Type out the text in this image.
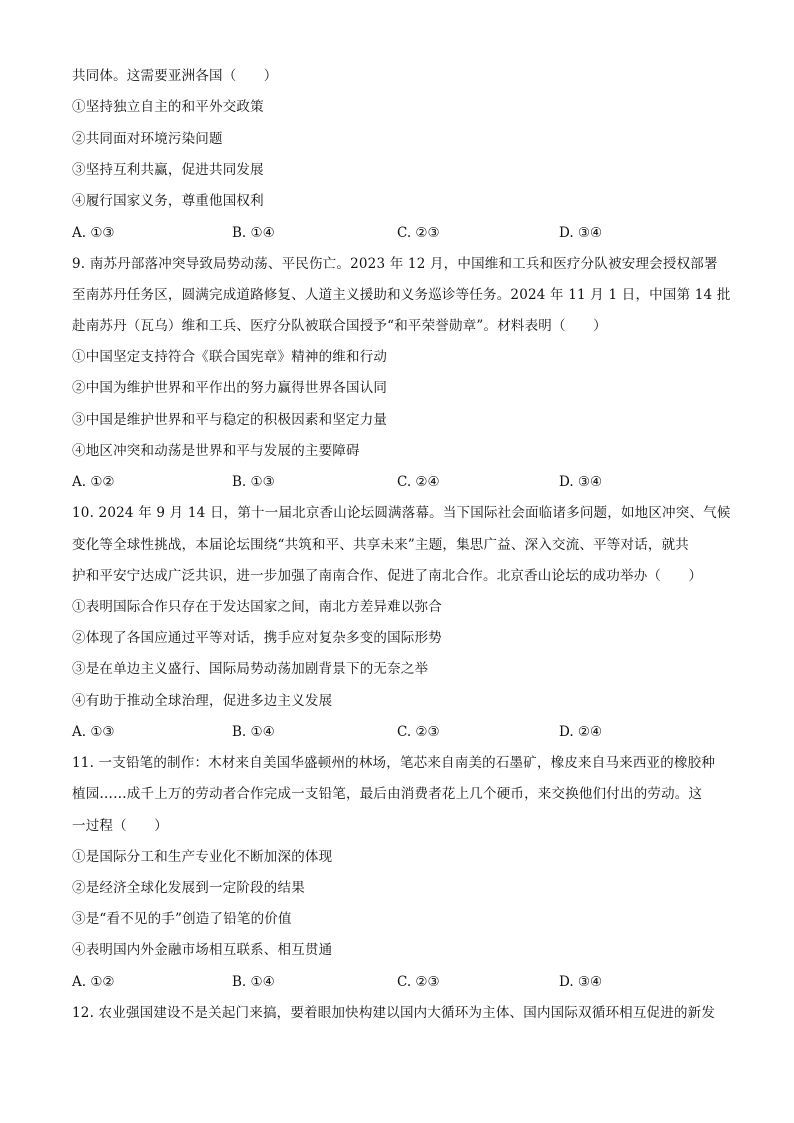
共同体。这需要亚洲各国（　　）
①坚持独立自主的和平外交政策
②共同面对环境污染问题
③坚持互利共赢，促进共同发展
④履行国家义务，尊重他国权利
A. ①③	B. ①④	C. ②③	D. ③④
9. 南苏丹部落冲突导致局势动荡、平民伤亡。2023 年 12 月，中国维和工兵和医疗分队被安理会授权部署
至南苏丹任务区，圆满完成道路修复、人道主义援助和义务巡诊等任务。2024 年 11 月 1 日，中国第 14 批
赴南苏丹（瓦乌）维和工兵、医疗分队被联合国授予“和平荣誉勋章”。材料表明（　　）
①中国坚定支持符合《联合国宪章》精神的维和行动
②中国为维护世界和平作出的努力赢得世界各国认同
③中国是维护世界和平与稳定的积极因素和坚定力量
④地区冲突和动荡是世界和平与发展的主要障碍
A. ①②	B. ①③	C. ②④	D. ③④
10. 2024 年 9 月 14 日，第十一届北京香山论坛圆满落幕。当下国际社会面临诸多问题，如地区冲突、气候
变化等全球性挑战，本届论坛围绕“共筑和平、共享未来”主题，集思广益、深入交流、平等对话，就共
护和平安宁达成广泛共识，进一步加强了南南合作、促进了南北合作。北京香山论坛的成功举办（　　）
①表明国际合作只存在于发达国家之间，南北方差异难以弥合
②体现了各国应通过平等对话，携手应对复杂多变的国际形势
③是在单边主义盛行、国际局势动荡加剧背景下的无奈之举
④有助于推动全球治理，促进多边主义发展
A. ①③	B. ①④	C. ②③	D. ②④
11. 一支铅笔的制作：木材来自美国华盛顿州的林场，笔芯来自南美的石墨矿，橡皮来自马来西亚的橡胶种
植园……成千上万的劳动者合作完成一支铅笔，最后由消费者花上几个硬币，来交换他们付出的劳动。这
一过程（　　）
①是国际分工和生产专业化不断加深的体现
②是经济全球化发展到一定阶段的结果
③是“看不见的手”创造了铅笔的价值
④表明国内外金融市场相互联系、相互贯通
A. ①②	B. ①④	C. ②③	D. ③④
12. 农业强国建设不是关起门来搞，要着眼加快构建以国内大循环为主体、国内国际双循环相互促进的新发
